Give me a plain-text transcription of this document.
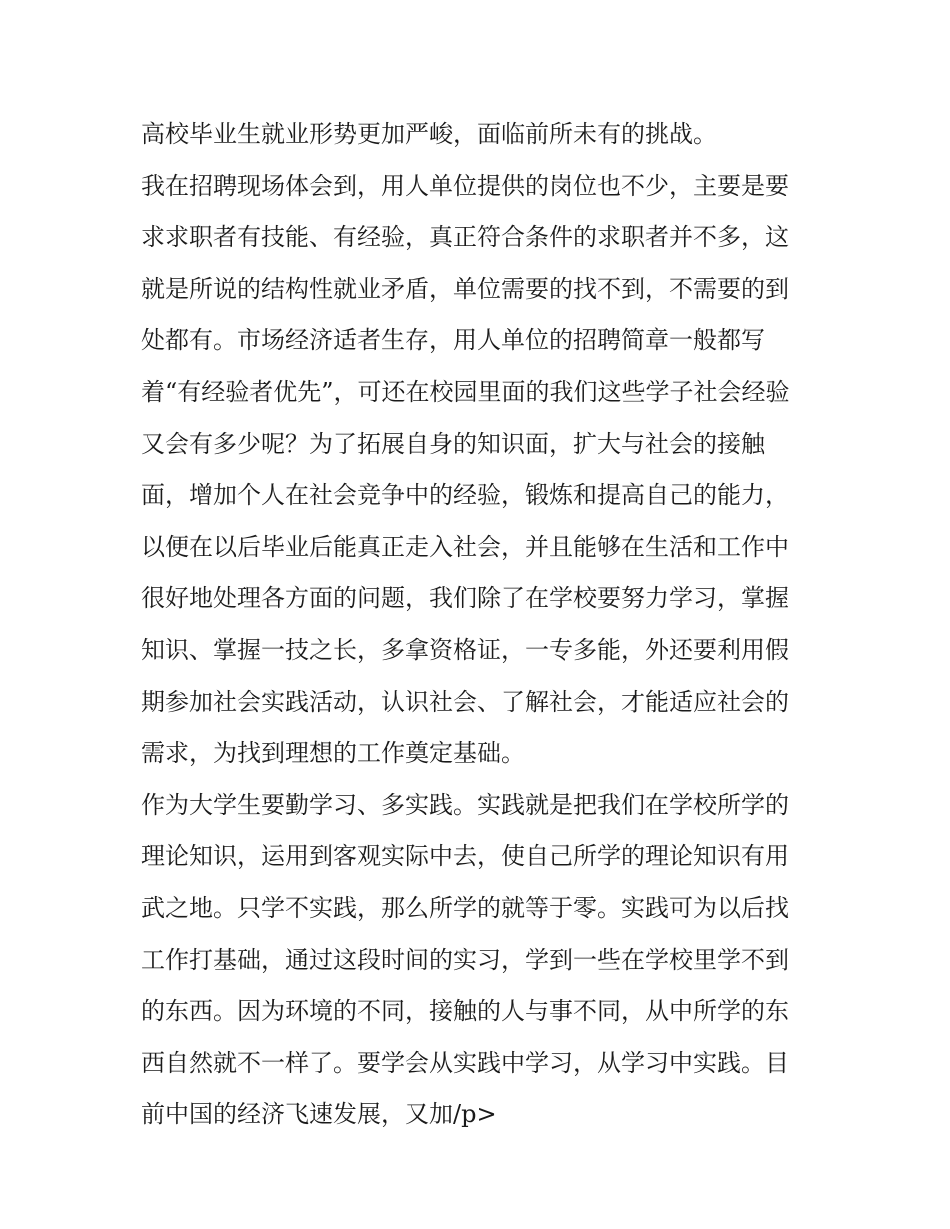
高校毕业生就业形势更加严峻，面临前所未有的挑战。
我在招聘现场体会到，用人单位提供的岗位也不少，主要是要
求求职者有技能、有经验，真正符合条件的求职者并不多，这
就是所说的结构性就业矛盾，单位需要的找不到，不需要的到
处都有。市场经济适者生存，用人单位的招聘简章一般都写
着“有经验者优先”，可还在校园里面的我们这些学子社会经验
又会有多少呢？为了拓展自身的知识面，扩大与社会的接触
面，增加个人在社会竞争中的经验，锻炼和提高自己的能力，
以便在以后毕业后能真正走入社会，并且能够在生活和工作中
很好地处理各方面的问题，我们除了在学校要努力学习，掌握
知识、掌握一技之长，多拿资格证，一专多能，外还要利用假
期参加社会实践活动，认识社会、了解社会，才能适应社会的
需求，为找到理想的工作奠定基础。
作为大学生要勤学习、多实践。实践就是把我们在学校所学的
理论知识，运用到客观实际中去，使自己所学的理论知识有用
武之地。只学不实践，那么所学的就等于零。实践可为以后找
工作打基础，通过这段时间的实习，学到一些在学校里学不到
的东西。因为环境的不同，接触的人与事不同，从中所学的东
西自然就不一样了。要学会从实践中学习，从学习中实践。目
前中国的经济飞速发展，又加/p>
